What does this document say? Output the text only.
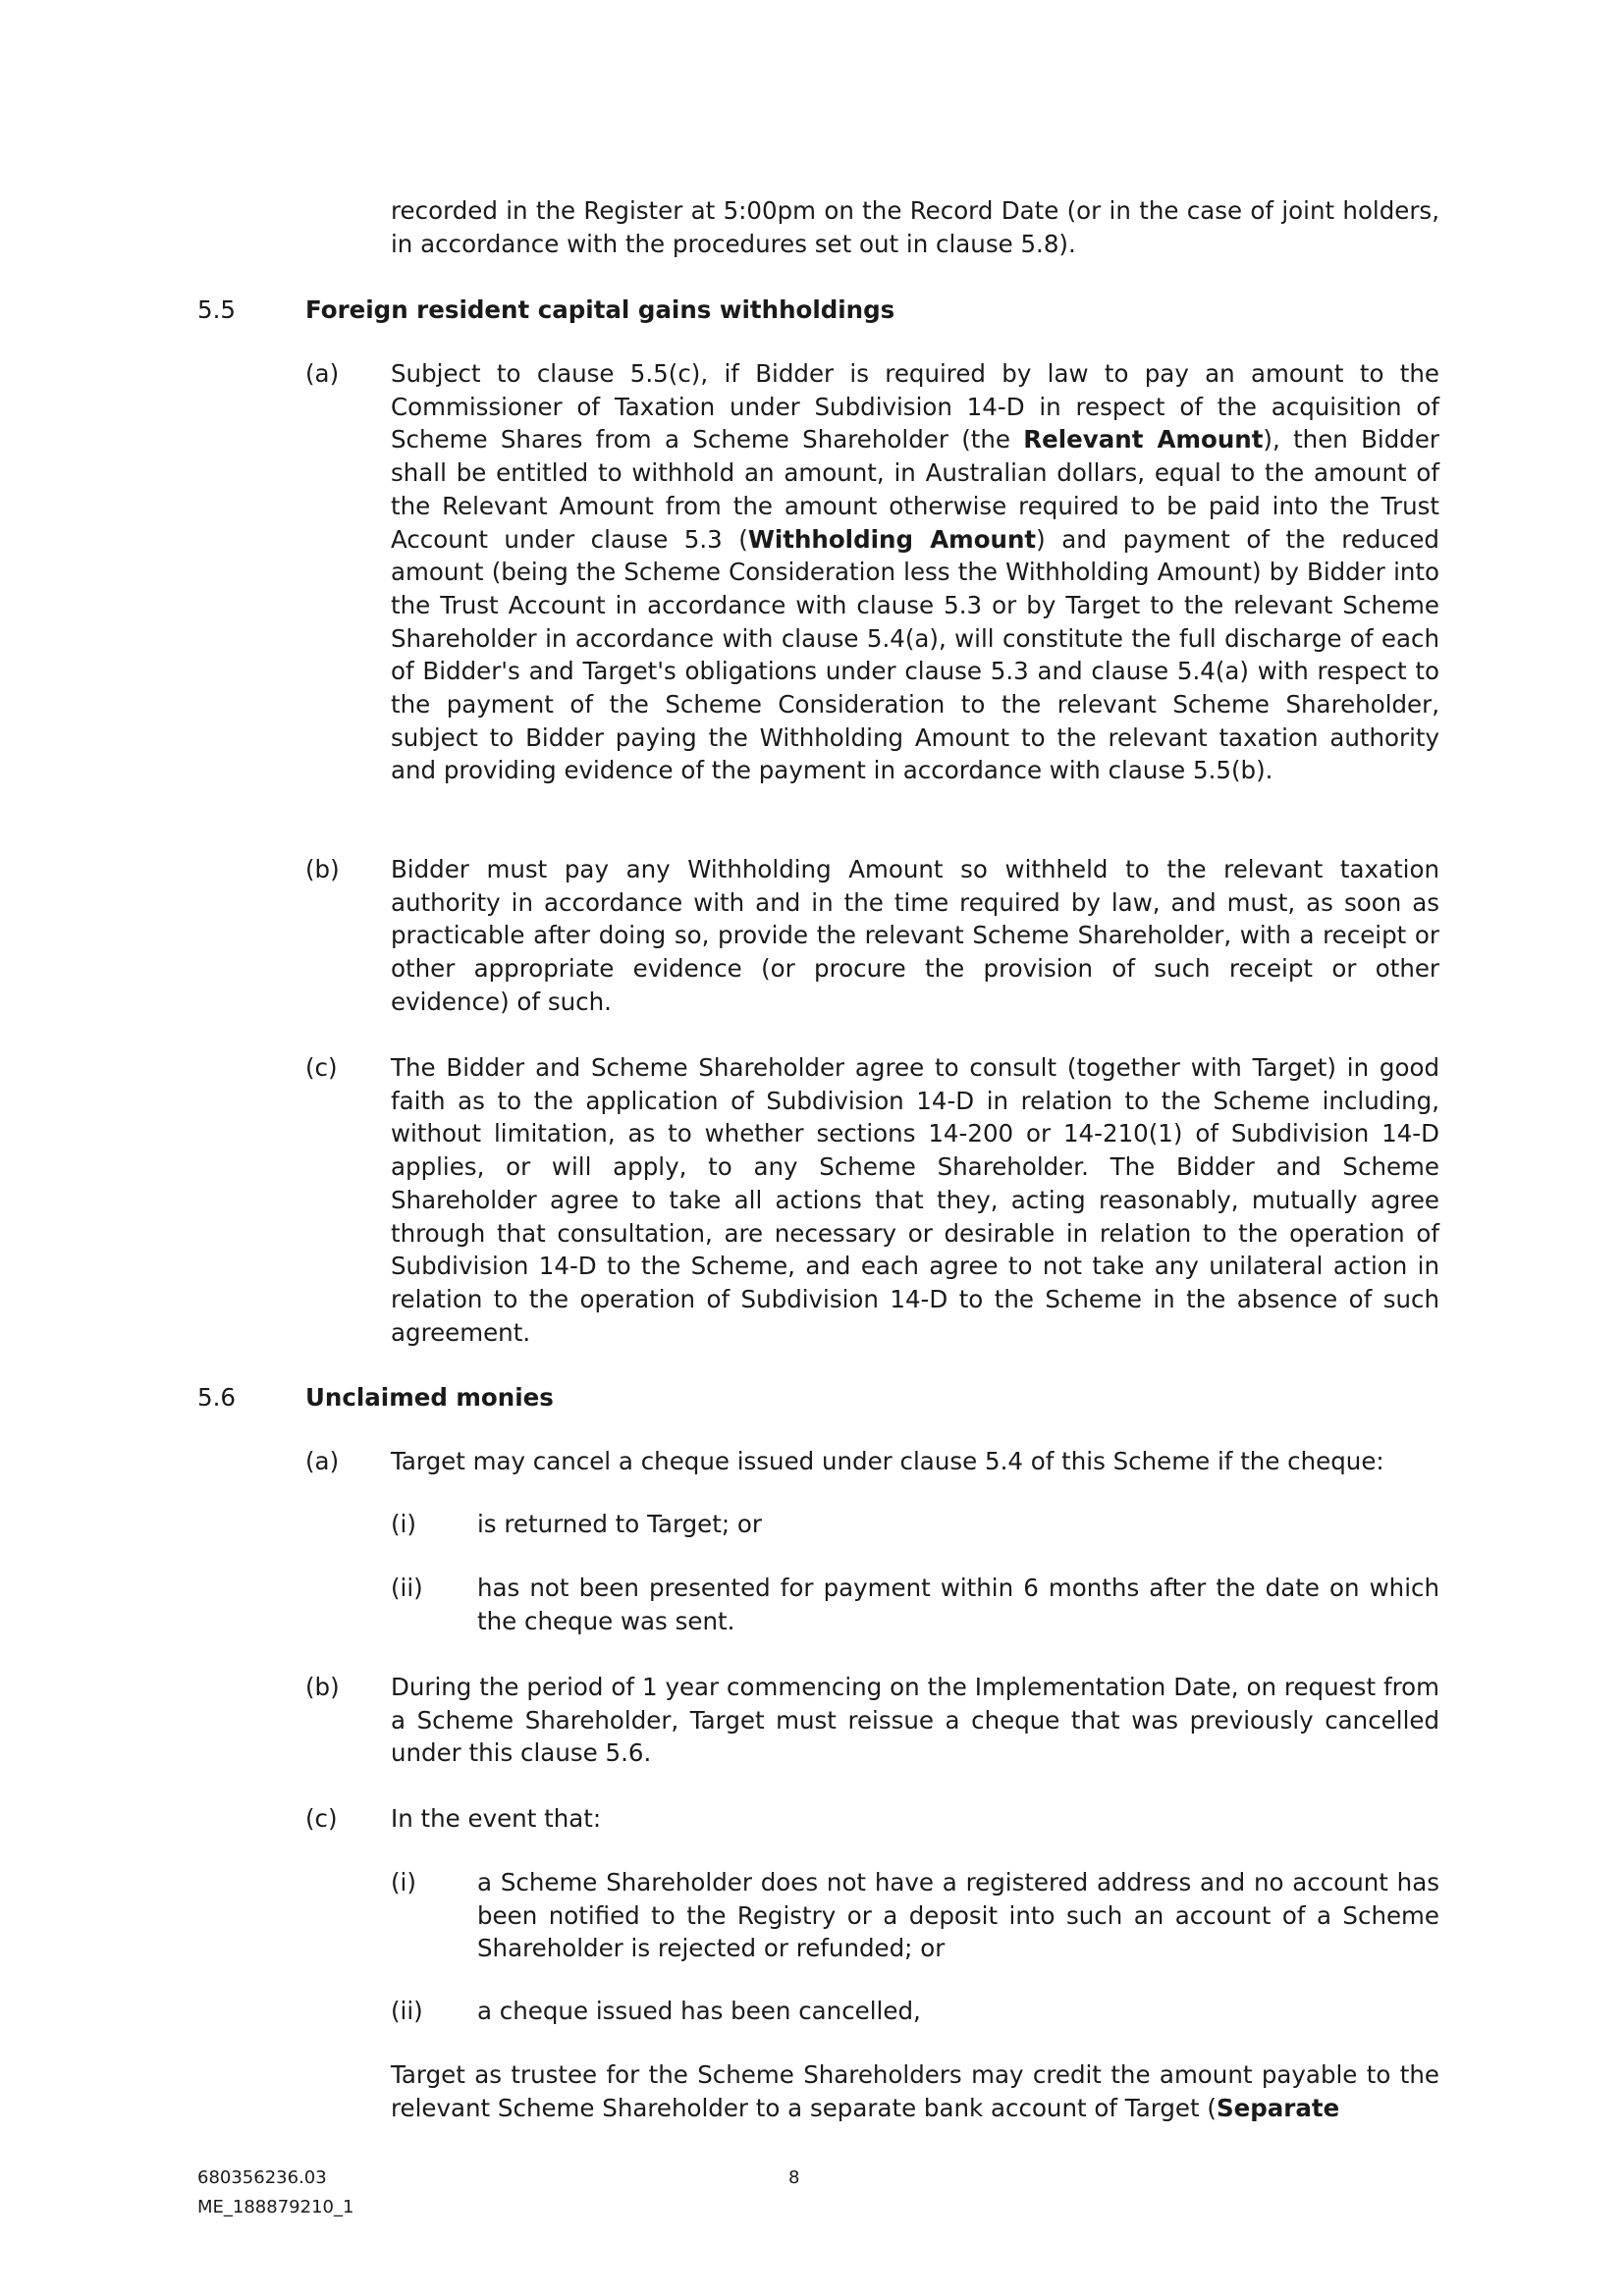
recorded in the Register at 5:00pm on the Record Date (or in the case of joint holders, in accordance with the procedures set out in clause 5.8).

5.5	Foreign resident capital gains withholdings

(a) Subject to clause 5.5(c), if Bidder is required by law to pay an amount to the Commissioner of Taxation under Subdivision 14-D in respect of the acquisition of Scheme Shares from a Scheme Shareholder (the Relevant Amount), then Bidder shall be entitled to withhold an amount, in Australian dollars, equal to the amount of the Relevant Amount from the amount otherwise required to be paid into the Trust Account under clause 5.3 (Withholding Amount) and payment of the reduced amount (being the Scheme Consideration less the Withholding Amount) by Bidder into the Trust Account in accordance with clause 5.3 or by Target to the relevant Scheme Shareholder in accordance with clause 5.4(a), will constitute the full discharge of each of Bidder's and Target's obligations under clause 5.3 and clause 5.4(a) with respect to the payment of the Scheme Consideration to the relevant Scheme Shareholder, subject to Bidder paying the Withholding Amount to the relevant taxation authority and providing evidence of the payment in accordance with clause 5.5(b).

(b) Bidder must pay any Withholding Amount so withheld to the relevant taxation authority in accordance with and in the time required by law, and must, as soon as practicable after doing so, provide the relevant Scheme Shareholder, with a receipt or other appropriate evidence (or procure the provision of such receipt or other evidence) of such.

(c) The Bidder and Scheme Shareholder agree to consult (together with Target) in good faith as to the application of Subdivision 14-D in relation to the Scheme including, without limitation, as to whether sections 14-200 or 14-210(1) of Subdivision 14-D applies, or will apply, to any Scheme Shareholder. The Bidder and Scheme Shareholder agree to take all actions that they, acting reasonably, mutually agree through that consultation, are necessary or desirable in relation to the operation of Subdivision 14-D to the Scheme, and each agree to not take any unilateral action in relation to the operation of Subdivision 14-D to the Scheme in the absence of such agreement.

5.6	Unclaimed monies

(a) Target may cancel a cheque issued under clause 5.4 of this Scheme if the cheque:

(i)	is returned to Target; or

(ii) has not been presented for payment within 6 months after the date on which the cheque was sent.

(b) During the period of 1 year commencing on the Implementation Date, on request from a Scheme Shareholder, Target must reissue a cheque that was previously cancelled under this clause 5.6.

(c) In the event that:

(i)	a Scheme Shareholder does not have a registered address and no account has been notified to the Registry or a deposit into such an account of a Scheme Shareholder is rejected or refunded; or

(ii) a cheque issued has been cancelled,

Target as trustee for the Scheme Shareholders may credit the amount payable to the relevant Scheme Shareholder to a separate bank account of Target (Separate

680356236.03

ME_188879210_1

8
